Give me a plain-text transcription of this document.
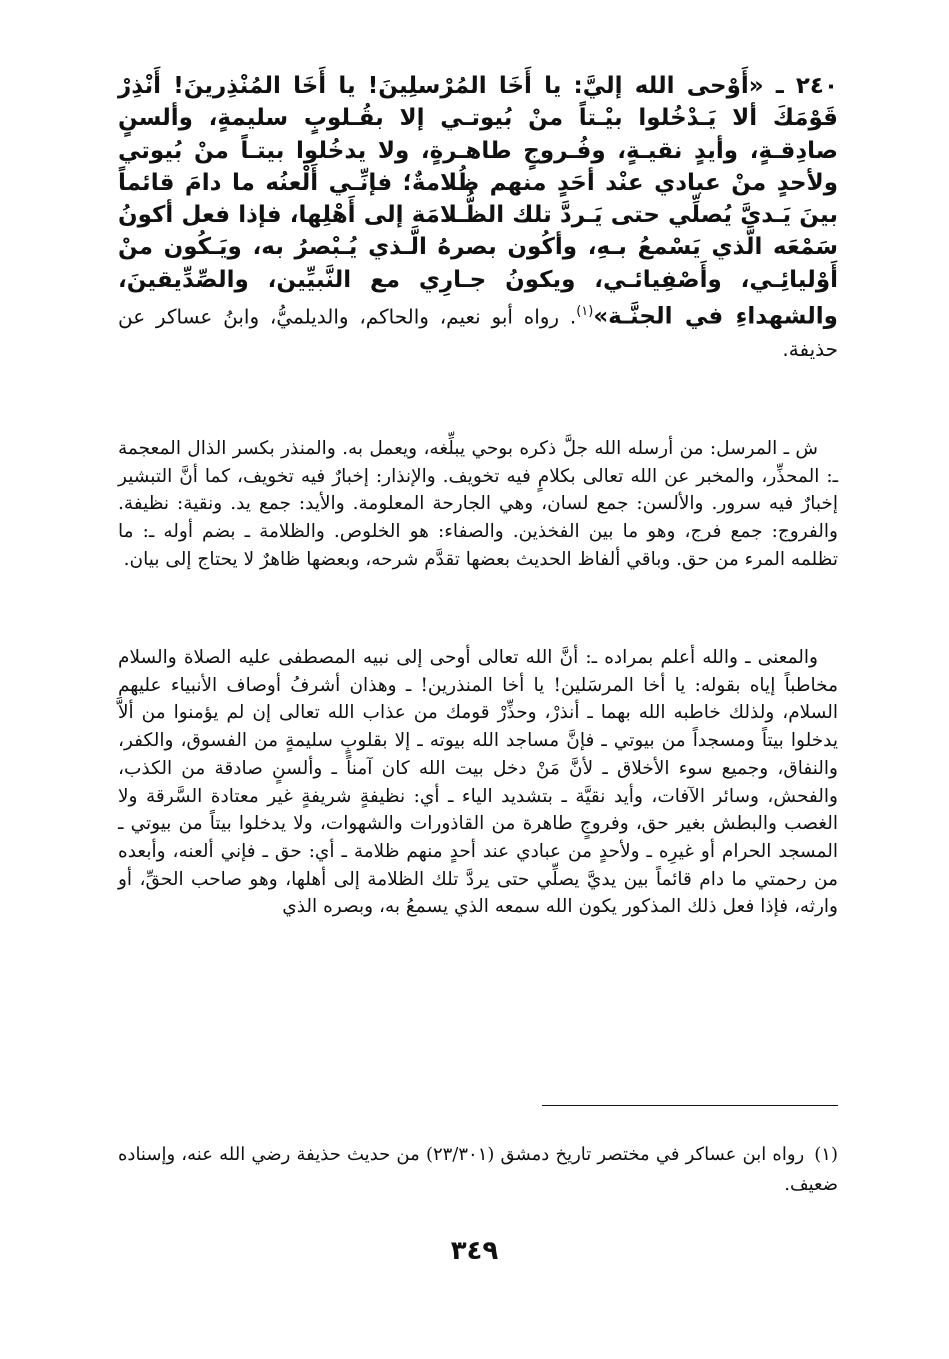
٢٤٠ ـ «أَوْحى الله إليَّ: يا أَخَا المُرْسلِينَ! يا أَخَا المُنْذِرينَ! أَنْذِرْ قَوْمَكَ ألا يَـدْخُلوا بيْـتاً منْ بُيوتـي إلا بقُـلوبٍ سليمةٍ، وألسنٍ صادِقـةٍ، وأيدٍ نقيـةٍ، وفُـروجٍ طاهـرةٍ، ولا يدخُلوا بيتـاً منْ بُيوتي ولأحدٍ منْ عبادي عنْد أحَدٍ منهم ظُلامةٌ؛ فإنِّـي أَلْعنُه ما دامَ قائماً بينَ يَـديَّ يُصلِّي حتى يَـردَّ تلك الظُّـلامَة إلى أَهْلِها، فإذا فعل أكونُ سَمْعَه الَّذي يَسْمعُ بـهِ، وأكُون بصرهُ الَّـذي يُـبْصرُ به، ويَـكُون منْ أَوْليائِـي، وأَصْفِيائـي، ويكونُ جـارِي مع النَّبيِّين، والصِّدِّيقينَ، والشهداءِ في الجنَّـة»$^{(١)}$. رواه أبو نعيم، والحاكم، والديلميُّ، وابنُ عساكر عن حذيفة.

ش ـ المرسل: من أرسله الله جلَّ ذكره بوحي يبلِّغه، ويعمل به. والمنذر بكسر الذال المعجمة ـ: المحذِّر، والمخبر عن الله تعالى بكلامٍ فيه تخويف. والإنذار: إخبارٌ فيه تخويف، كما أنَّ التبشير إخبارٌ فيه سرور. والألسن: جمع لسان، وهي الجارحة المعلومة. والأيد: جمع يد. ونقية: نظيفة. والفروج: جمع فرج، وهو ما بين الفخذين. والصفاء: هو الخلوص. والظلامة ـ بضم أوله ـ: ما تظلمه المرء من حق. وباقي ألفاظ الحديث بعضها تقدَّم شرحه، وبعضها ظاهرٌ لا يحتاج إلى بيان.

والمعنى ـ والله أعلم بمراده ـ: أنَّ الله تعالى أوحى إلى نبيه المصطفى عليه الصلاة والسلام مخاطباً إياه بقوله: يا أخا المرسَلين! يا أخا المنذرين! ـ وهذان أشرفُ أوصاف الأنبياء عليهم السلام، ولذلك خاطبه الله بهما ـ أنذرْ، وحذِّرْ قومك من عذاب الله تعالى إن لم يؤمنوا من ألاَّ يدخلوا بيتاً ومسجداً من بيوتي ـ فإنَّ مساجد الله بيوته ـ إلا بقلوبٍ سليمةٍ من الفسوق، والكفر، والنفاق، وجميع سوء الأخلاق ـ لأنَّ مَنْ دخل بيت الله كان آمناً ـ وألسنٍ صادقة من الكذب، والفحش، وسائر الآفات، وأيد نقيَّة ـ بتشديد الياء ـ أي: نظيفةٍ شريفةٍ غير معتادة السَّرقة ولا الغصب والبطش بغير حق، وفروجٍ طاهرة من القاذورات والشهوات، ولا يدخلوا بيتاً من بيوتي ـ المسجد الحرام أو غيرِه ـ ولأحدٍ من عبادي عند أحدٍ منهم ظلامة ـ أي: حق ـ فإني ألعنه، وأبعده من رحمتي ما دام قائماً بين يديَّ يصلِّي حتى يردَّ تلك الظلامة إلى أهلها، وهو صاحب الحقِّ، أو وارثه، فإذا فعل ذلك المذكور يكون الله سمعه الذي يسمعُ به، وبصره الذي

(١)رواه ابن عساكر في مختصر تاريخ دمشق (٢٣/٣٠١) من حديث حذيفة رضي الله عنه، وإسناده ضعيف.
٣٤٩
